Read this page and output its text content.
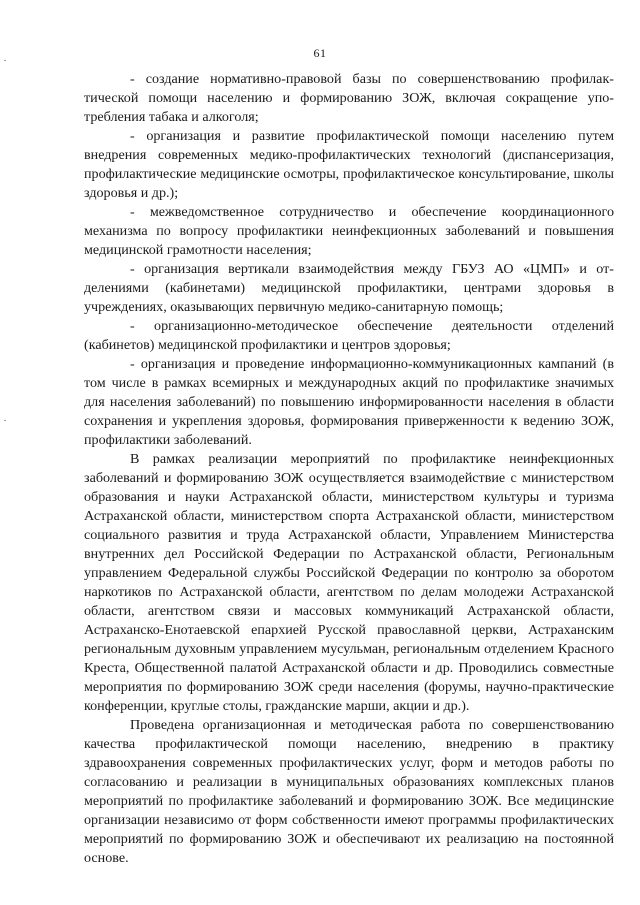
61

- создание нормативно-правовой базы по совершенствованию профилактической помощи населению и формированию ЗОЖ, включая сокращение употребления табака и алкоголя;

- организация и развитие профилактической помощи населению путем внедрения современных медико-профилактических технологий (диспансеризация, профилактические медицинские осмотры, профилактическое консультирование, школы здоровья и др.);

- межведомственное сотрудничество и обеспечение координационного механизма по вопросу профилактики неинфекционных заболеваний и повышения медицинской грамотности населения;

- организация вертикали взаимодействия между ГБУЗ АО «ЦМП» и отделениями (кабинетами) медицинской профилактики, центрами здоровья в учреждениях, оказывающих первичную медико-санитарную помощь;

- организационно-методическое обеспечение деятельности отделений (кабинетов) медицинской профилактики и центров здоровья;

- организация и проведение информационно-коммуникационных кампаний (в том числе в рамках всемирных и международных акций по профилактике значимых для населения заболеваний) по повышению информированности населения в области сохранения и укрепления здоровья, формирования приверженности к ведению ЗОЖ, профилактики заболеваний.

В рамках реализации мероприятий по профилактике неинфекционных заболеваний и формированию ЗОЖ осуществляется взаимодействие с министерством образования и науки Астраханской области, министерством культуры и туризма Астраханской области, министерством спорта Астраханской области, министерством социального развития и труда Астраханской области, Управлением Министерства внутренних дел Российской Федерации по Астраханской области, Региональным управлением Федеральной службы Российской Федерации по контролю за оборотом наркотиков по Астраханской области, агентством по делам молодежи Астраханской области, агентством связи и массовых коммуникаций Астраханской области, Астраханско-Енотаевской епархией Русской православной церкви, Астраханским региональным духовным управлением мусульман, региональным отделением Красного Креста, Общественной палатой Астраханской области и др. Проводились совместные мероприятия по формированию ЗОЖ среди населения (форумы, научно-практические конференции, круглые столы, гражданские марши, акции и др.).

Проведена организационная и методическая работа по совершенствованию качества профилактической помощи населению, внедрению в практику здравоохранения современных профилактических услуг, форм и методов работы по согласованию и реализации в муниципальных образованиях комплексных планов мероприятий по профилактике заболеваний и формированию ЗОЖ. Все медицинские организации независимо от форм собственности имеют программы профилактических мероприятий по формированию ЗОЖ и обеспечивают их реализацию на постоянной основе.
